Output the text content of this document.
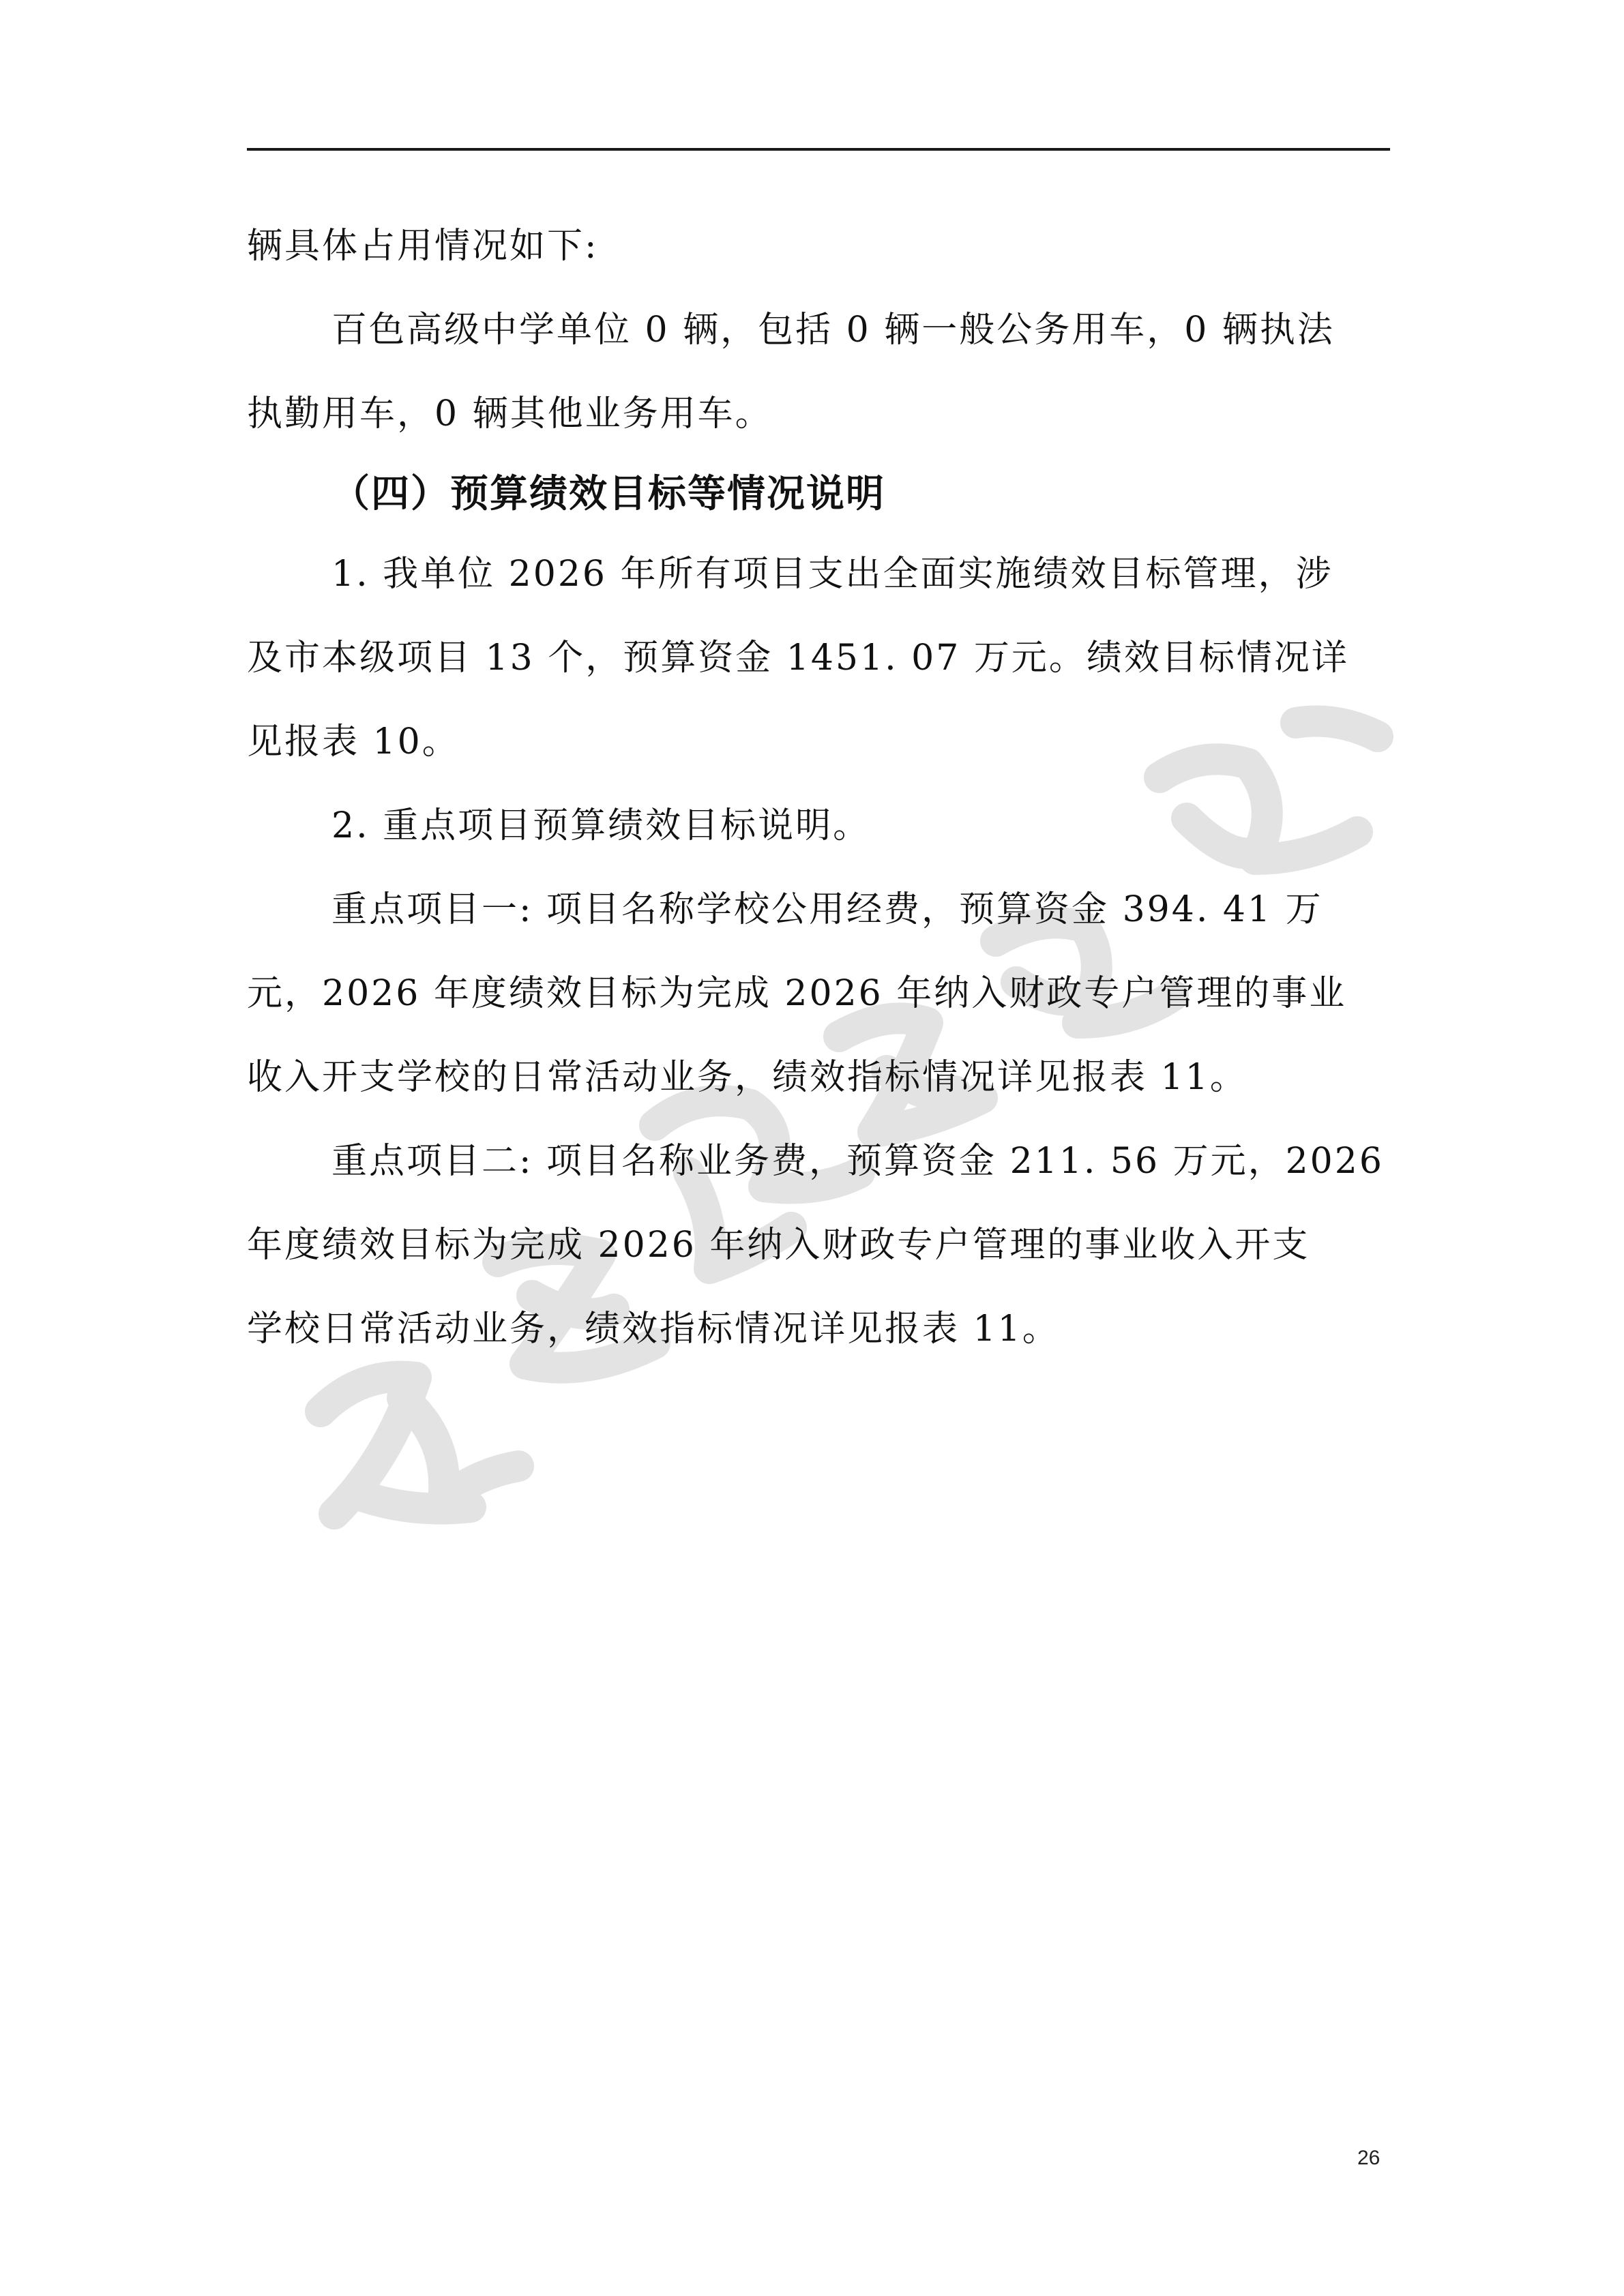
辆具体占用情况如下:
百色高级中学单位 0 辆，包括 0 辆一般公务用车，0 辆执法
执勤用车，0 辆其他业务用车。
（四）预算绩效目标等情况说明
1. 我单位 2026 年所有项目支出全面实施绩效目标管理，涉
及市本级项目 13 个，预算资金 1451. 07 万元。绩效目标情况详
见报表 10。
2. 重点项目预算绩效目标说明。
重点项目一: 项目名称学校公用经费，预算资金 394. 41 万
元，2026 年度绩效目标为完成 2026 年纳入财政专户管理的事业
收入开支学校的日常活动业务，绩效指标情况详见报表 11。
重点项目二: 项目名称业务费，预算资金 211. 56 万元，2026
年度绩效目标为完成 2026 年纳入财政专户管理的事业收入开支
学校日常活动业务，绩效指标情况详见报表 11。
26
